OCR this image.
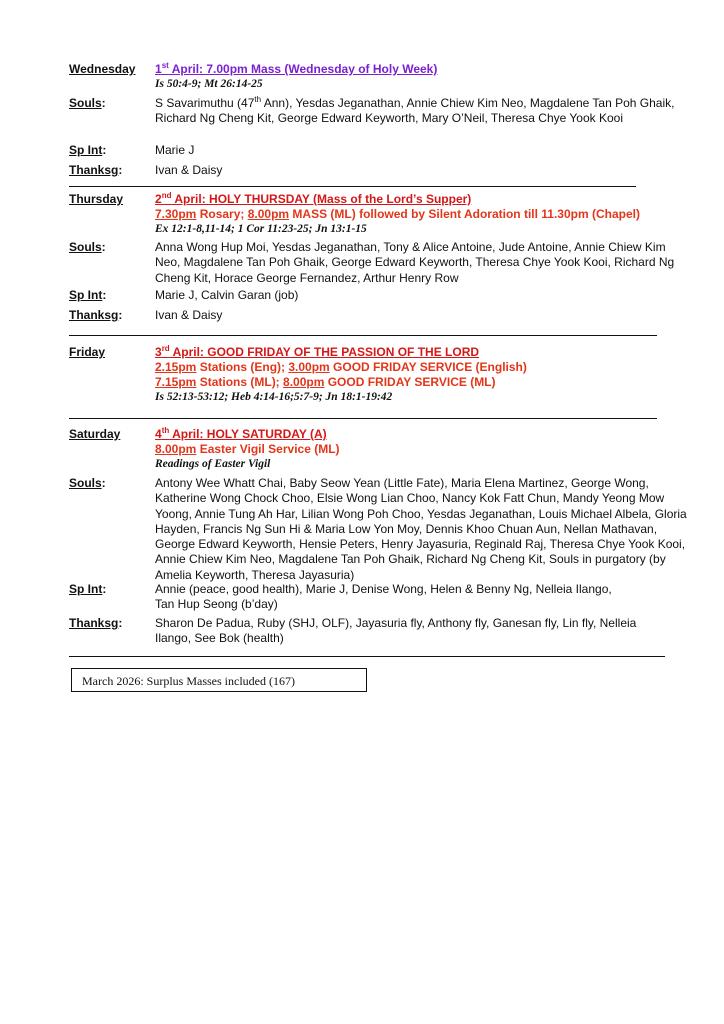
Wednesday 1st April: 7.00pm Mass (Wednesday of Holy Week)
Is 50:4-9; Mt 26:14-25
Souls:	S Savarimuthu (47th Ann), Yesdas Jeganathan, Annie Chiew Kim Neo, Magdalene Tan Poh Ghaik, Richard Ng Cheng Kit, George Edward Keyworth, Mary O’Neil, Theresa Chye Yook Kooi
Sp Int:	Marie J
Thanksg:	Ivan & Daisy
Thursday	2nd April: HOLY THURSDAY (Mass of the Lord’s Supper)
7.30pm Rosary; 8.00pm MASS (ML) followed by Silent Adoration till 11.30pm (Chapel)
Ex 12:1-8,11-14; 1 Cor 11:23-25; Jn 13:1-15
Souls:	Anna Wong Hup Moi, Yesdas Jeganathan, Tony & Alice Antoine, Jude Antoine, Annie Chiew Kim Neo, Magdalene Tan Poh Ghaik, George Edward Keyworth, Theresa Chye Yook Kooi, Richard Ng Cheng Kit, Horace George Fernandez, Arthur Henry Row
Sp Int:	Marie J, Calvin Garan (job)
Thanksg:	Ivan & Daisy
Friday	3rd April: GOOD FRIDAY OF THE PASSION OF THE LORD
2.15pm Stations (Eng); 3.00pm GOOD FRIDAY SERVICE (English)
7.15pm Stations (ML); 8.00pm GOOD FRIDAY SERVICE (ML)
Is 52:13-53:12; Heb 4:14-16;5:7-9; Jn 18:1-19:42
Saturday	4th April: HOLY SATURDAY (A)
8.00pm Easter Vigil Service (ML)
Readings of Easter Vigil
Souls:	Antony Wee Whatt Chai, Baby Seow Yean (Little Fate), Maria Elena Martinez, George Wong, Katherine Wong Chock Choo, Elsie Wong Lian Choo, Nancy Kok Fatt Chun, Mandy Yeong Mow Yoong, Annie Tung Ah Har, Lilian Wong Poh Choo, Yesdas Jeganathan, Louis Michael Albela, Gloria Hayden, Francis Ng Sun Hi & Maria Low Yon Moy, Dennis Khoo Chuan Aun, Nellan Mathavan, George Edward Keyworth, Hensie Peters, Henry Jayasuria, Reginald Raj, Theresa Chye Yook Kooi, Annie Chiew Kim Neo, Magdalene Tan Poh Ghaik, Richard Ng Cheng Kit, Souls in purgatory (by Amelia Keyworth, Theresa Jayasuria)
Sp Int:	Annie (peace, good health), Marie J, Denise Wong, Helen & Benny Ng, Nelleia Ilango,
Tan Hup Seong (b’day)
Thanksg:	Sharon De Padua, Ruby (SHJ, OLF), Jayasuria fly, Anthony fly, Ganesan fly, Lin fly, Nelleia Ilango, See Bok (health)
March 2026: Surplus Masses included (167)
